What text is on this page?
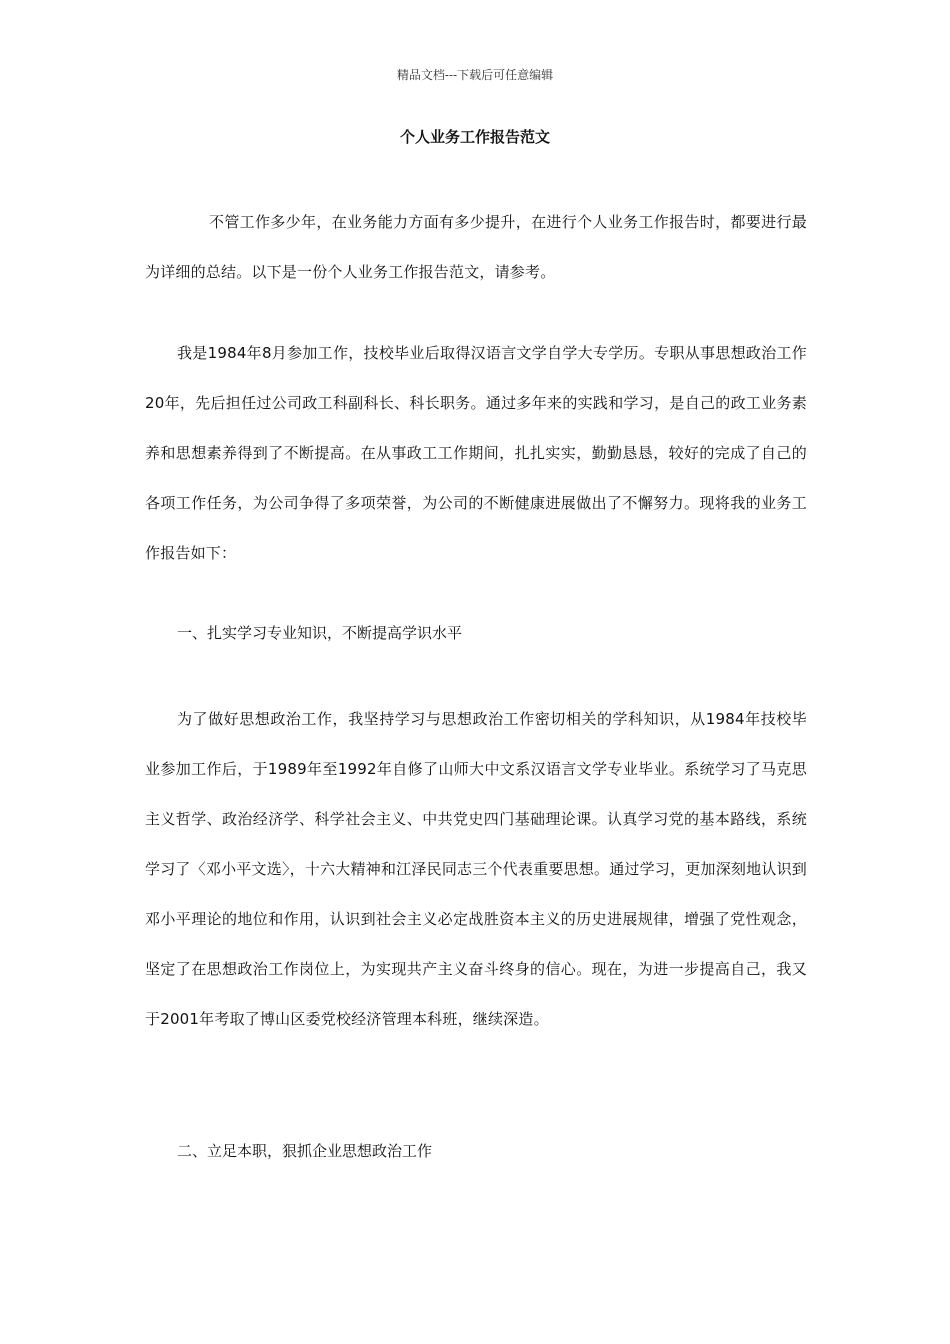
精品文档---下载后可任意编辑
个人业务工作报告范文

不管工作多少年，在业务能力方面有多少提升，在进行个人业务工作报告时，都要进行最为详细的总结。以下是一份个人业务工作报告范文，请参考。

我是1984年8月参加工作，技校毕业后取得汉语言文学自学大专学历。专职从事思想政治工作20年，先后担任过公司政工科副科长、科长职务。通过多年来的实践和学习，是自己的政工业务素养和思想素养得到了不断提高。在从事政工工作期间，扎扎实实，勤勤恳恳，较好的完成了自己的各项工作任务，为公司争得了多项荣誉，为公司的不断健康进展做出了不懈努力。现将我的业务工作报告如下：

一、扎实学习专业知识，不断提高学识水平

为了做好思想政治工作，我坚持学习与思想政治工作密切相关的学科知识，从1984年技校毕业参加工作后，于1989年至1992年自修了山师大中文系汉语言文学专业毕业。系统学习了马克思主义哲学、政治经济学、科学社会主义、中共党史四门基础理论课。认真学习党的基本路线，系统学习了〈邓小平文选〉，十六大精神和江泽民同志三个代表重要思想。通过学习，更加深刻地认识到邓小平理论的地位和作用，认识到社会主义必定战胜资本主义的历史进展规律，增强了党性观念，坚定了在思想政治工作岗位上，为实现共产主义奋斗终身的信心。现在，为进一步提高自己，我又于2001年考取了博山区委党校经济管理本科班，继续深造。

二、立足本职，狠抓企业思想政治工作
